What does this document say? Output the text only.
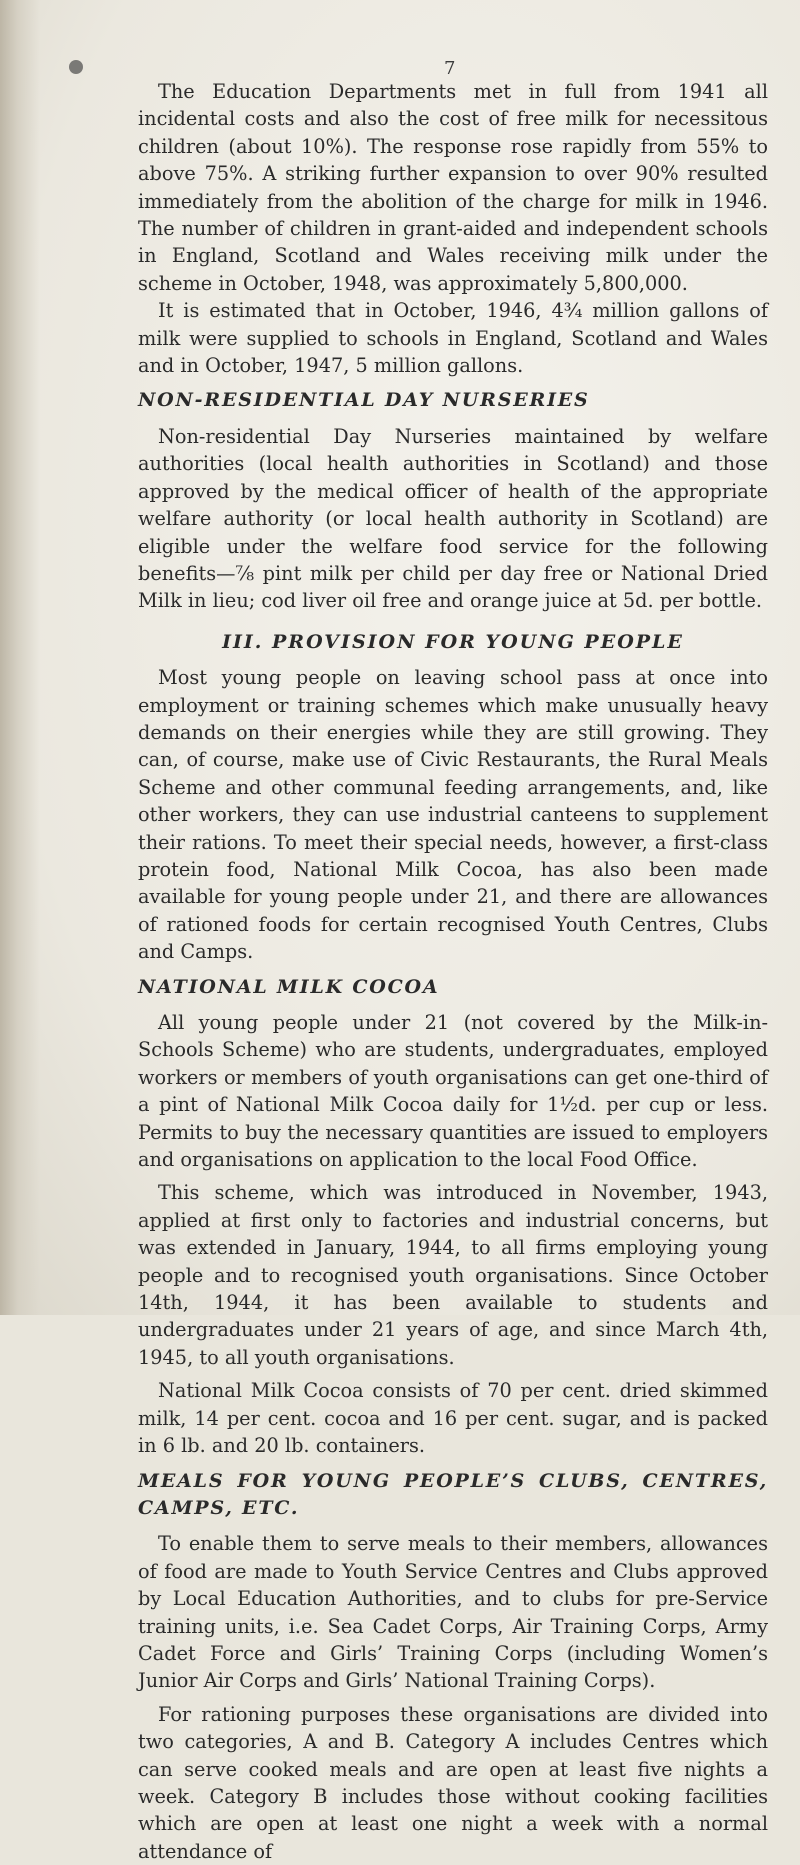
7

The Education Departments met in full from 1941 all incidental costs and also the cost of free milk for necessitous children (about 10%). The response rose rapidly from 55% to above 75%. A striking further expansion to over 90% resulted immediately from the abolition of the charge for milk in 1946. The number of children in grant-aided and independent schools in England, Scotland and Wales receiving milk under the scheme in October, 1948, was approximately 5,800,000.

It is estimated that in October, 1946, 4¾ million gallons of milk were supplied to schools in England, Scotland and Wales and in October, 1947, 5 million gallons.

NON-RESIDENTIAL DAY NURSERIES

Non-residential Day Nurseries maintained by welfare authorities (local health authorities in Scotland) and those approved by the medical officer of health of the appropriate welfare authority (or local health authority in Scotland) are eligible under the welfare food service for the following benefits—⅞ pint milk per child per day free or National Dried Milk in lieu; cod liver oil free and orange juice at 5d. per bottle.

III. PROVISION FOR YOUNG PEOPLE

Most young people on leaving school pass at once into employment or training schemes which make unusually heavy demands on their energies while they are still growing. They can, of course, make use of Civic Restaurants, the Rural Meals Scheme and other communal feeding arrangements, and, like other workers, they can use industrial canteens to supplement their rations. To meet their special needs, however, a first-class protein food, National Milk Cocoa, has also been made available for young people under 21, and there are allowances of rationed foods for certain recognised Youth Centres, Clubs and Camps.

NATIONAL MILK COCOA

All young people under 21 (not covered by the Milk-in-Schools Scheme) who are students, undergraduates, employed workers or members of youth organisations can get one-third of a pint of National Milk Cocoa daily for 1½d. per cup or less. Permits to buy the necessary quantities are issued to employers and organisations on application to the local Food Office.

This scheme, which was introduced in November, 1943, applied at first only to factories and industrial concerns, but was extended in January, 1944, to all firms employing young people and to recognised youth organisations. Since October 14th, 1944, it has been available to students and undergraduates under 21 years of age, and since March 4th, 1945, to all youth organisations.

National Milk Cocoa consists of 70 per cent. dried skimmed milk, 14 per cent. cocoa and 16 per cent. sugar, and is packed in 6 lb. and 20 lb. containers.

MEALS FOR YOUNG PEOPLE’S CLUBS, CENTRES, CAMPS, ETC.

To enable them to serve meals to their members, allowances of food are made to Youth Service Centres and Clubs approved by Local Education Authorities, and to clubs for pre-Service training units, i.e. Sea Cadet Corps, Air Training Corps, Army Cadet Force and Girls’ Training Corps (including Women’s Junior Air Corps and Girls’ National Training Corps).

For rationing purposes these organisations are divided into two categories, A and B. Category A includes Centres which can serve cooked meals and are open at least five nights a week. Category B includes those without cooking facilities which are open at least one night a week with a normal attendance of
